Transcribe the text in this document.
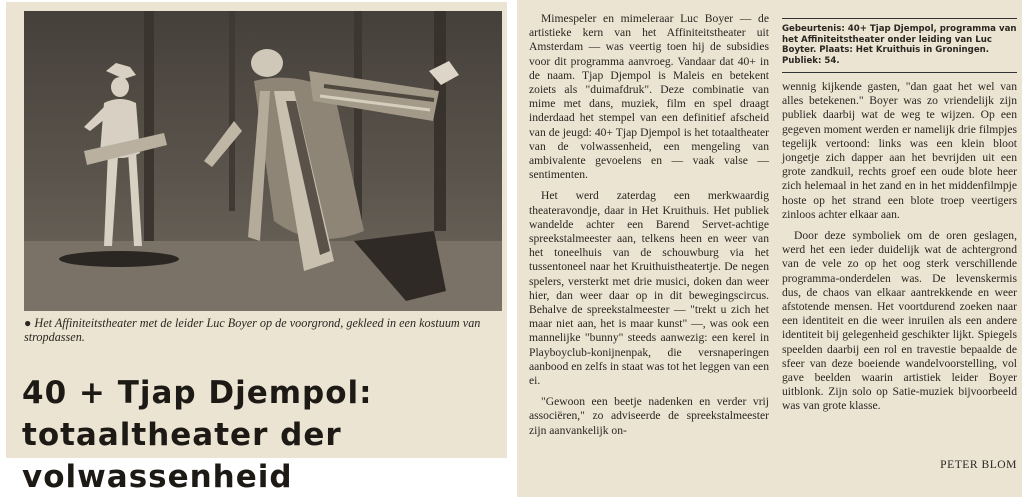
● Het Affiniteitstheater met de leider Luc Boyer op de voorgrond, gekleed in een kostuum van stropdassen.
40 + Tjap Djempol: totaaltheater der volwassenheid

Mimespeler en mimeleraar Luc Boyer — de artistieke kern van het Affiniteitstheater uit Amsterdam — was veertig toen hij de subsidies voor dit programma aanvroeg. Vandaar dat 40+ in de naam. Tjap Djempol is Maleis en betekent zoiets als "duimafdruk". Deze combinatie van mime met dans, muziek, film en spel draagt inderdaad het stempel van een definitief afscheid van de jeugd: 40+ Tjap Djempol is het totaaltheater van de volwassenheid, een mengeling van ambivalente gevoelens en — vaak valse — sentimenten.

Het werd zaterdag een merkwaardig theateravondje, daar in Het Kruithuis. Het publiek wandelde achter een Barend Servet-achtige spreekstalmeester aan, telkens heen en weer van het toneelhuis van de schouwburg via het tussentoneel naar het Kruithuistheatertje. De negen spelers, versterkt met drie musici, doken dan weer hier, dan weer daar op in dit bewegingscircus. Behalve de spreekstalmeester — "trekt u zich het maar niet aan, het is maar kunst" —, was ook een mannelijke "bunny" steeds aanwezig: een kerel in Playboyclub-konijnenpak, die versnaperingen aanbood en zelfs in staat was tot het leggen van een ei.

"Gewoon een beetje nadenken en verder vrij associëren," zo adviseerde de spreekstalmeester zijn aanvankelijk on-

Gebeurtenis: 40+ Tjap Djempol, programma van het Affiniteitstheater onder leiding van Luc Boyter. Plaats: Het Kruithuis in Groningen. Publiek: 54.

wennig kijkende gasten, "dan gaat het wel van alles betekenen." Boyer was zo vriendelijk zijn publiek daarbij wat de weg te wijzen. Op een gegeven moment werden er namelijk drie filmpjes tegelijk vertoond: links was een klein bloot jongetje zich dapper aan het bevrijden uit een grote zandkuil, rechts groef een oude blote heer zich helemaal in het zand en in het middenfilmpje hoste op het strand een blote troep veertigers zinloos achter elkaar aan.

Door deze symboliek om de oren geslagen, werd het een ieder duidelijk wat de achtergrond van de vele zo op het oog sterk verschillende programma-onderdelen was. De levenskermis dus, de chaos van elkaar aantrekkende en weer afstotende mensen. Het voortdurend zoeken naar een identiteit en die weer inruilen als een andere identiteit bij gelegenheid geschikter lijkt. Spiegels speelden daarbij een rol en travestie bepaalde de sfeer van deze boeiende wandelvoorstelling, vol gave beelden waarin artistiek leider Boyer uitblonk. Zijn solo op Satie-muziek bijvoorbeeld was van grote klasse.

PETER BLOM
